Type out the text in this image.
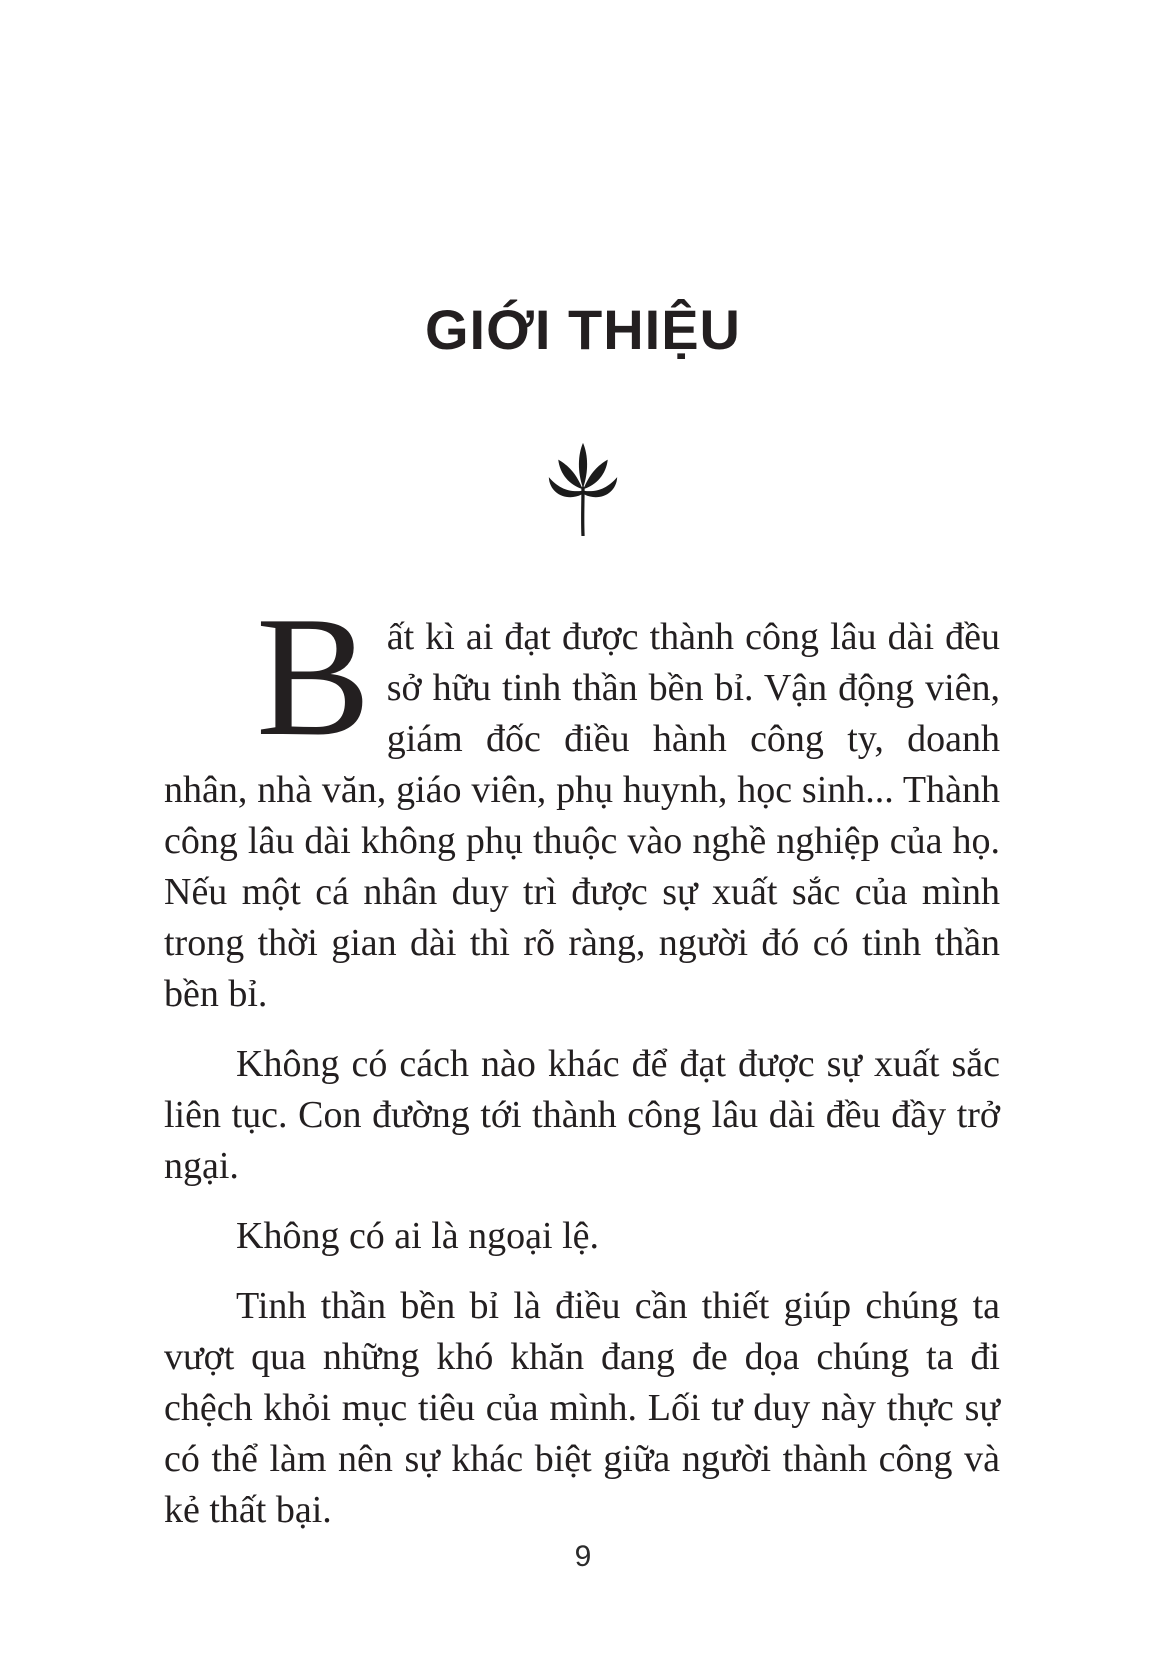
GIỚI THIỆU

Bất kì ai đạt được thành công lâu dài đều sở hữu tinh thần bền bỉ. Vận động viên, giám đốc điều hành công ty, doanh nhân, nhà văn, giáo viên, phụ huynh, học sinh... Thành công lâu dài không phụ thuộc vào nghề nghiệp của họ. Nếu một cá nhân duy trì được sự xuất sắc của mình trong thời gian dài thì rõ ràng, người đó có tinh thần bền bỉ.

Không có cách nào khác để đạt được sự xuất sắc liên tục. Con đường tới thành công lâu dài đều đầy trở ngại.

Không có ai là ngoại lệ.

Tinh thần bền bỉ là điều cần thiết giúp chúng ta vượt qua những khó khăn đang đe dọa chúng ta đi chệch khỏi mục tiêu của mình. Lối tư duy này thực sự có thể làm nên sự khác biệt giữa người thành công và kẻ thất bại.

9
